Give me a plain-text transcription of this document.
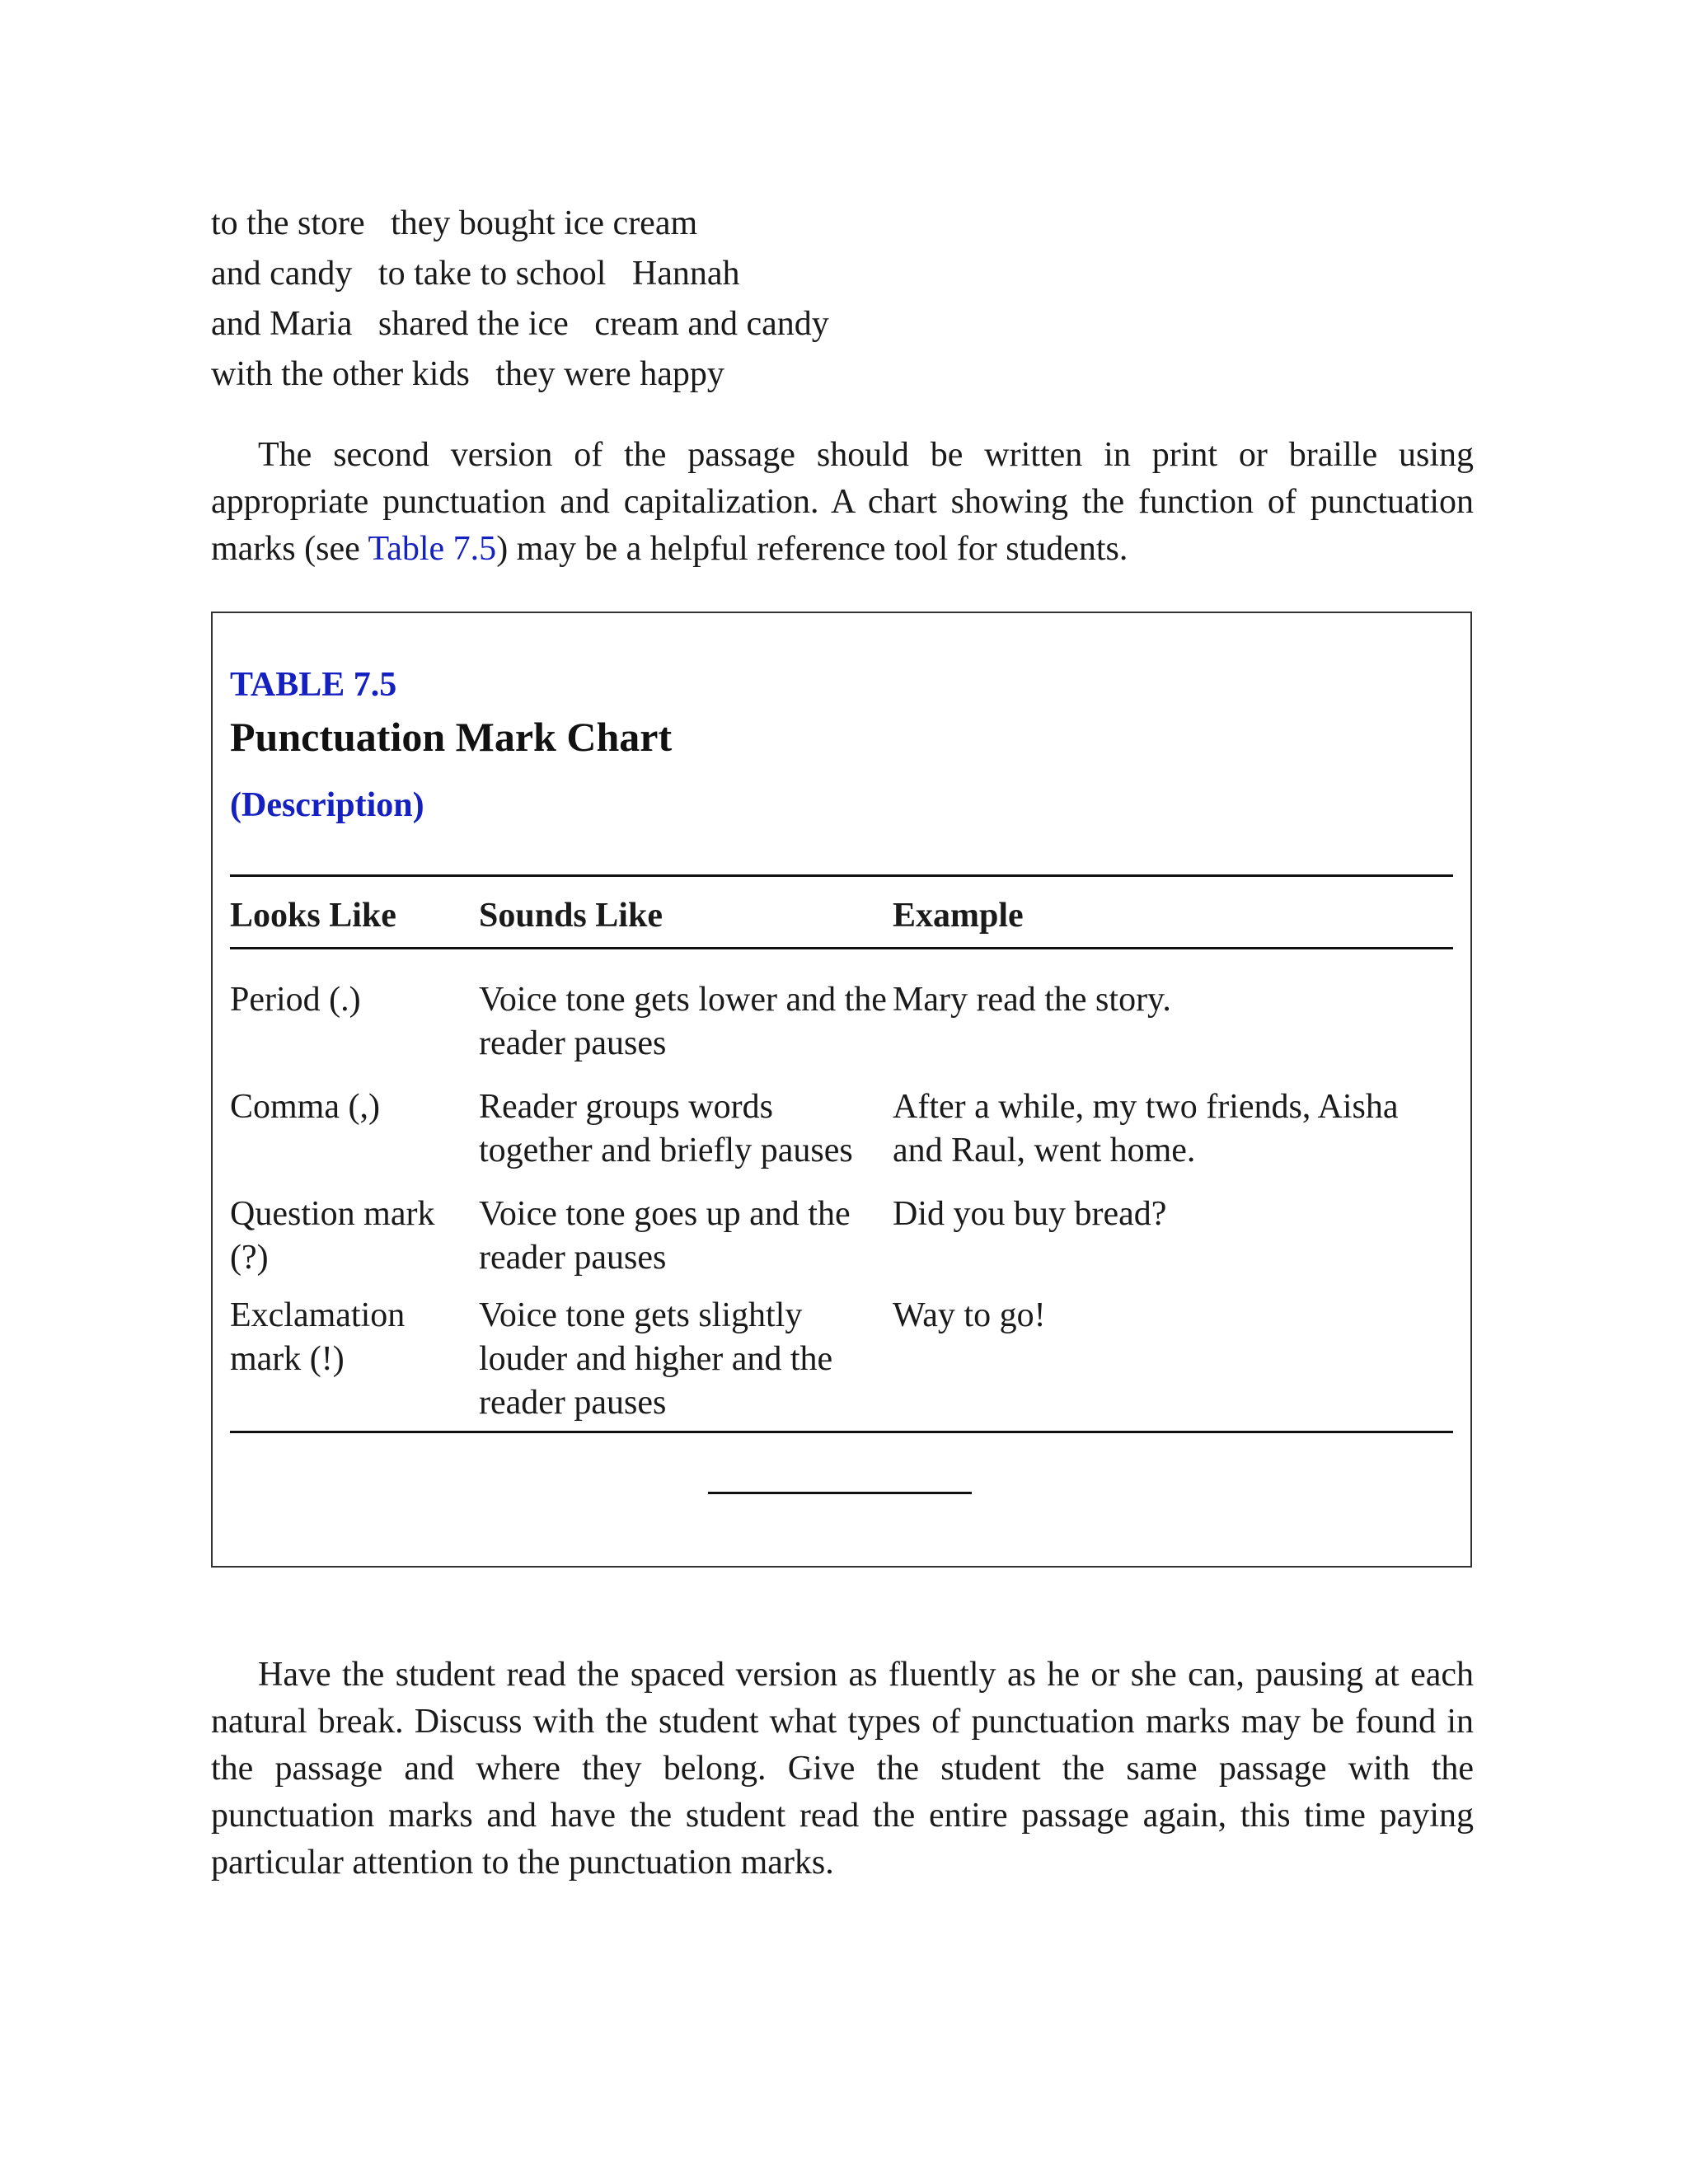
to the store   they bought ice cream
and candy   to take to school   Hannah
and Maria   shared the ice   cream and candy
with the other kids   they were happy

The second version of the passage should be written in print or braille using appropriate punctuation and capitalization. A chart showing the function of punctuation marks (see Table 7.5) may be a helpful reference tool for students.

TABLE 7.5
Punctuation Mark Chart
(Description)
Looks Like	Sounds Like	Example
Period (.)	Voice tone gets lower and the reader pauses	Mary read the story.
Comma (,)	Reader groups words together and briefly pauses	After a while, my two friends, Aisha and Raul, went home.
Question mark (?)	Voice tone goes up and the reader pauses	Did you buy bread?
Exclamation mark (!)	Voice tone gets slightly louder and higher and the reader pauses	Way to go!

Have the student read the spaced version as fluently as he or she can, pausing at each natural break. Discuss with the student what types of punctuation marks may be found in the passage and where they belong. Give the student the same passage with the punctuation marks and have the student read the entire passage again, this time paying particular attention to the punctuation marks.
